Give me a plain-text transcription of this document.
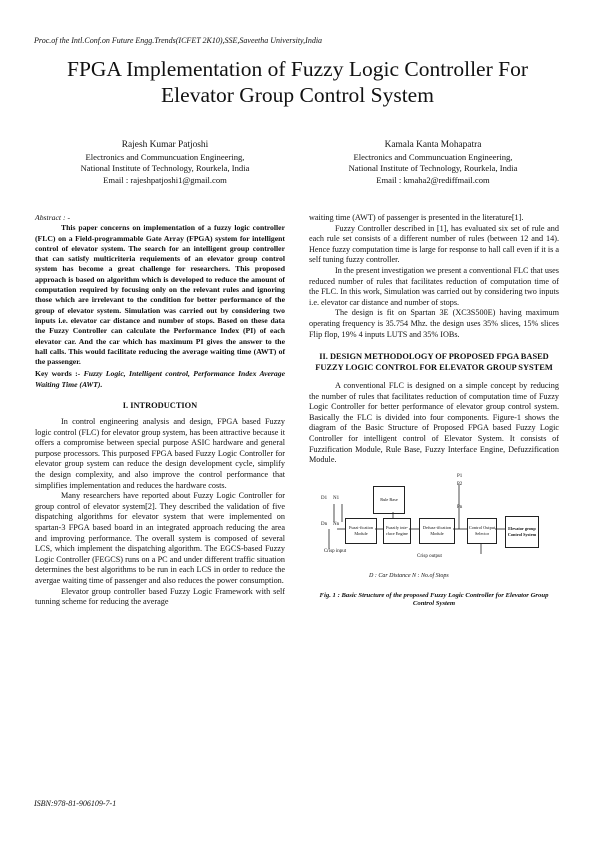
Proc.of the Intl.Conf.on Future Engg.Trends(ICFET 2K10),SSE,Saveetha University,India
FPGA Implementation of Fuzzy Logic Controller For
Elevator Group Control System
Rajesh Kumar Patjoshi
Electronics and Communcuation Engineering,
National Institute of Technology, Rourkela, India
Email : rajeshpatjoshi1@gmail.com
Kamala Kanta Mohapatra
Electronics and Communcuation Engineering,
National Institute of Technology, Rourkela, India
Email : kmaha2@rediffmail.com

Abstract : -
This paper concerns on implementation of a fuzzy logic controller (FLC) on a Field-programmable Gate Array (FPGA) system for intelligent control of elevator system. The search for an intelligent group controller that can satisfy multicriteria requiements of an elevator group control system has become a great challenge for researchers. This proposed approach is based on algorithm which is developed to reduce the amount of computation required by focusing only on the relevant rules and ignoring those which are irrelevant to the condition for better performance of the group of elevator system. Simulation was carried out by considering two inputs i.e. elevator car distance and number of stops. Based on these data the Fuzzy Controller can calculate the Performance Index (PI) of each elevator car. And the car which has maximum PI gives the answer to the hall calls. This would facilitate reducing the average waiting time (AWT) of the passenger.

Key words :- Fuzzy Logic, Intelligent control, Performance Index Average Waiting Time (AWT).

I. INTRODUCTION

In control engineering analysis and design, FPGA based Fuzzy logic control (FLC) for elevator group system, has been attractive because it offers a compromise between special purpose ASIC hardware and general purpose processors. This purposed FPGA based Fuzzy Logic Controller for elevator group system can reduce the design development cycle, simplify the design complexity, and also improve the control performance that simplifies implementation and reduces the hardware costs.

Many researchers have reported about Fuzzy Logic Controller for group control of elevator system[2]. They described the validation of five dispatching algorithms for elevator system that were implemented on spartan-3 FPGA based board in an integrated approach reducing the area and improving performance. The overall system is composed of several LCS, which implement the dispatching algorithm. The EGCS-based Fuzzy Logic Controller (FEGCS) runs on a PC and under different traffic situation determines the best algorithms to be run in each LCS in order to reduce the avergae waiting time of passenger and also reduces the power consumption.

Elevator group controller based Fuzzy Logic Framework with self tunning scheme for reducing the average

waiting time (AWT) of passenger is presented in the literature[1].

Fuzzy Controller described in [1], has evaluated six set of rule and each rule set consists of a different number of rules (between 12 and 14). Hence fuzzy computation time is large for response to hall call even if it is a self tuning fuzzy controller.

In the present investigation we present a conventional FLC that uses reduced number of rules that facilitates reduction of computation time of the FLC. In this work, Simulation was carried out by considering two inputs i.e. elevator car distance and number of stops.

The design is fit on Spartan 3E (XC3S500E) having maximum operating frequency is 35.754 Mhz. the design uses 35% slices, 15% slices Flip flop, 19% 4 inputs LUTS and 35% IOBs.

II. DESIGN METHODOLOGY OF PROPOSED FPGA BASED FUZZY LOGIC CONTROL FOR ELEVATOR GROUP SYSTEM

A conventional FLC is designed on a simple concept by reducing the number of rules that facilitates reduction of computation time of Fuzzy Logic Controller for better performance of elevator group control system. Basically the FLC is divided into four components. Figure-1 shows the diagram of the Basic Structure of Proposed FPGA based Fuzzy Logic Controller for intelligent control of Elevator System. It consists of Fuzzification Module, Rule Base, Fuzzy Interface Engine, Defuzzification Module.

Rule Base
Fuzzi-fication Module
Fuzzify inte-rface Engine
Defuzz-ification Module
Control Output Selector
Elevator group Control System
D1 N1
Dn Nn
P1
P2
Pn
Crisp input
Crisp output
D : Car Distance N : No.of Stops
Fig. 1 : Basic Structure of the proposed Fuzzy Logic Controller for Elevator Group Control System
ISBN:978-81-906109-7-1
